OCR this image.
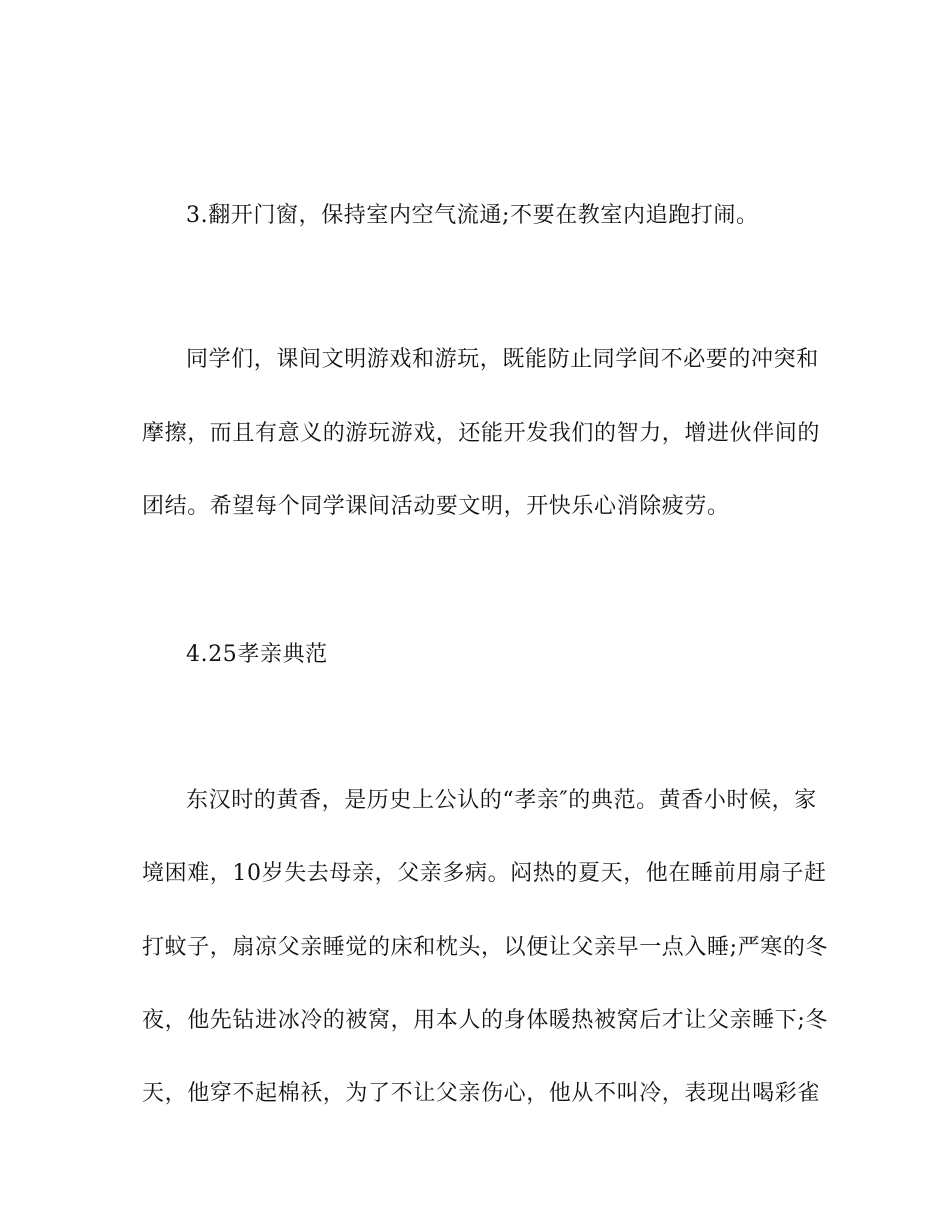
3.翻开门窗，保持室内空气流通;不要在教室内追跑打闹。
同学们，课间文明游戏和游玩，既能防止同学间不必要的冲突和
摩擦，而且有意义的游玩游戏，还能开发我们的智力，增进伙伴间的
团结。希望每个同学课间活动要文明，开快乐心消除疲劳。
4.25孝亲典范
东汉时的黄香，是历史上公认的“孝亲″的典范。黄香小时候，家
境困难，10岁失去母亲，父亲多病。闷热的夏天，他在睡前用扇子赶
打蚊子，扇凉父亲睡觉的床和枕头，以便让父亲早一点入睡;严寒的冬
夜，他先钻进冰冷的被窝，用本人的身体暖热被窝后才让父亲睡下;冬
天，他穿不起棉袄，为了不让父亲伤心，他从不叫冷，表现出喝彩雀
